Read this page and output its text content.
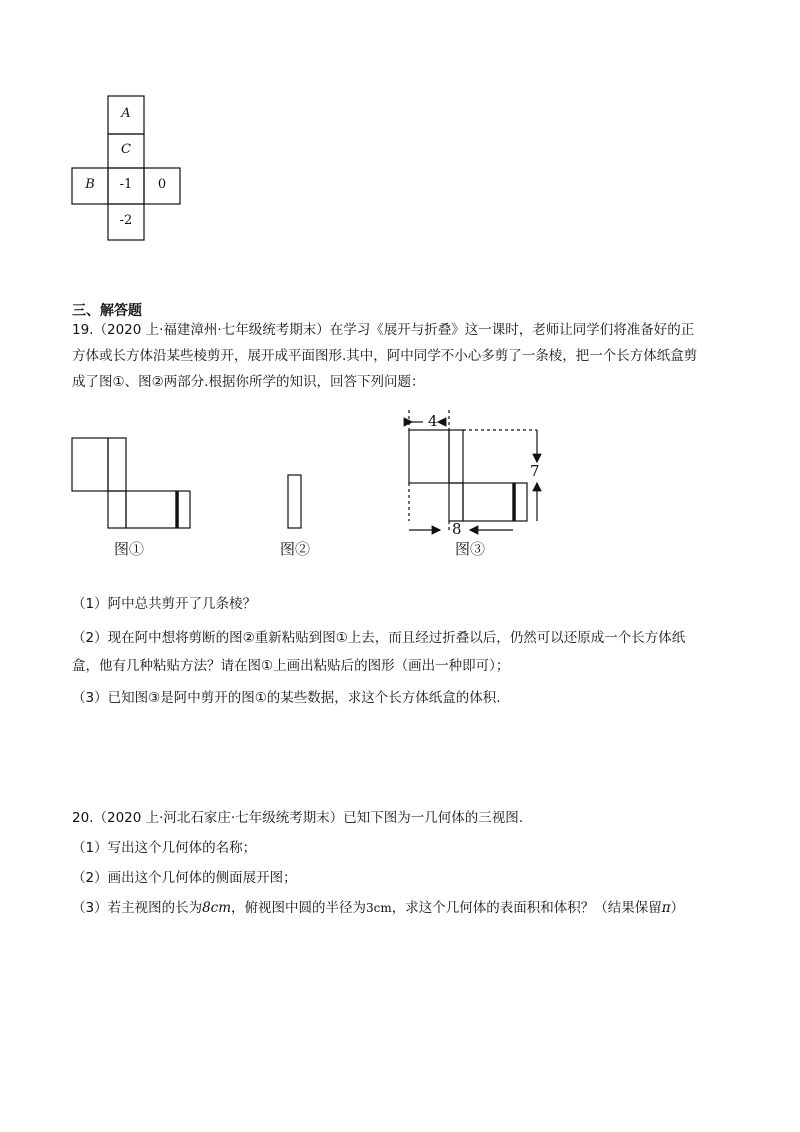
A
C
B	-1	0
-2
三、解答题
19.（2020 上·福建漳州·七年级统考期末）在学习《展开与折叠》这一课时，老师让同学们将准备好的正
方体或长方体沿某些棱剪开，展开成平面图形.其中，阿中同学不小心多剪了一条棱，把一个长方体纸盒剪
成了图①、图②两部分.根据你所学的知识，回答下列问题：
4
7
8
图①	图②	图③
（1）阿中总共剪开了几条棱？
（2）现在阿中想将剪断的图②重新粘贴到图①上去，而且经过折叠以后，仍然可以还原成一个长方体纸
盒，他有几种粘贴方法？请在图①上画出粘贴后的图形（画出一种即可）；
（3）已知图③是阿中剪开的图①的某些数据，求这个长方体纸盒的体积.
20.（2020 上·河北石家庄·七年级统考期末）已知下图为一几何体的三视图.
（1）写出这个几何体的名称；
（2）画出这个几何体的侧面展开图；
（3）若主视图的长为8cm，俯视图中圆的半径为3cm，求这个几何体的表面积和体积？（结果保留π）
